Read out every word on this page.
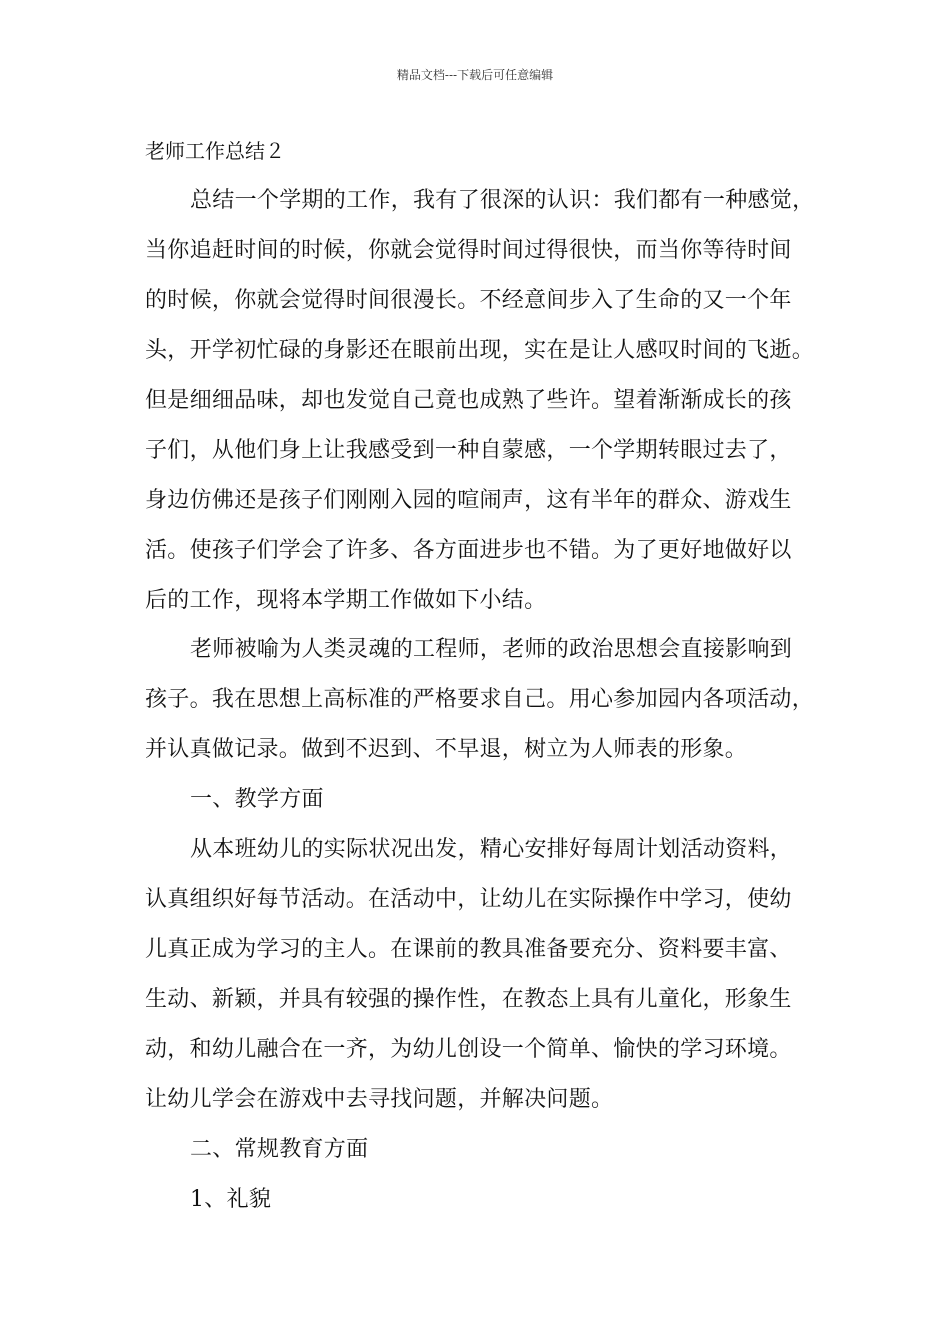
精品文档---下载后可任意编辑
老师工作总结２
总结一个学期的工作，我有了很深的认识：我们都有一种感觉，
当你追赶时间的时候，你就会觉得时间过得很快，而当你等待时间
的时候，你就会觉得时间很漫长。不经意间步入了生命的又一个年
头，开学初忙碌的身影还在眼前出现，实在是让人感叹时间的飞逝。
但是细细品味，却也发觉自己竟也成熟了些许。望着渐渐成长的孩
子们，从他们身上让我感受到一种自蒙感，一个学期转眼过去了，
身边仿佛还是孩子们刚刚入园的喧闹声，这有半年的群众、游戏生
活。使孩子们学会了许多、各方面进步也不错。为了更好地做好以
后的工作，现将本学期工作做如下小结。
老师被喻为人类灵魂的工程师，老师的政治思想会直接影响到
孩子。我在思想上高标准的严格要求自己。用心参加园内各项活动，
并认真做记录。做到不迟到、不早退，树立为人师表的形象。
一、教学方面
从本班幼儿的实际状况出发，精心安排好每周计划活动资料，
认真组织好每节活动。在活动中，让幼儿在实际操作中学习，使幼
儿真正成为学习的主人。在课前的教具准备要充分、资料要丰富、
生动、新颖，并具有较强的操作性，在教态上具有儿童化，形象生
动，和幼儿融合在一齐，为幼儿创设一个简单、愉快的学习环境。
让幼儿学会在游戏中去寻找问题，并解决问题。
二、常规教育方面
1、礼貌
